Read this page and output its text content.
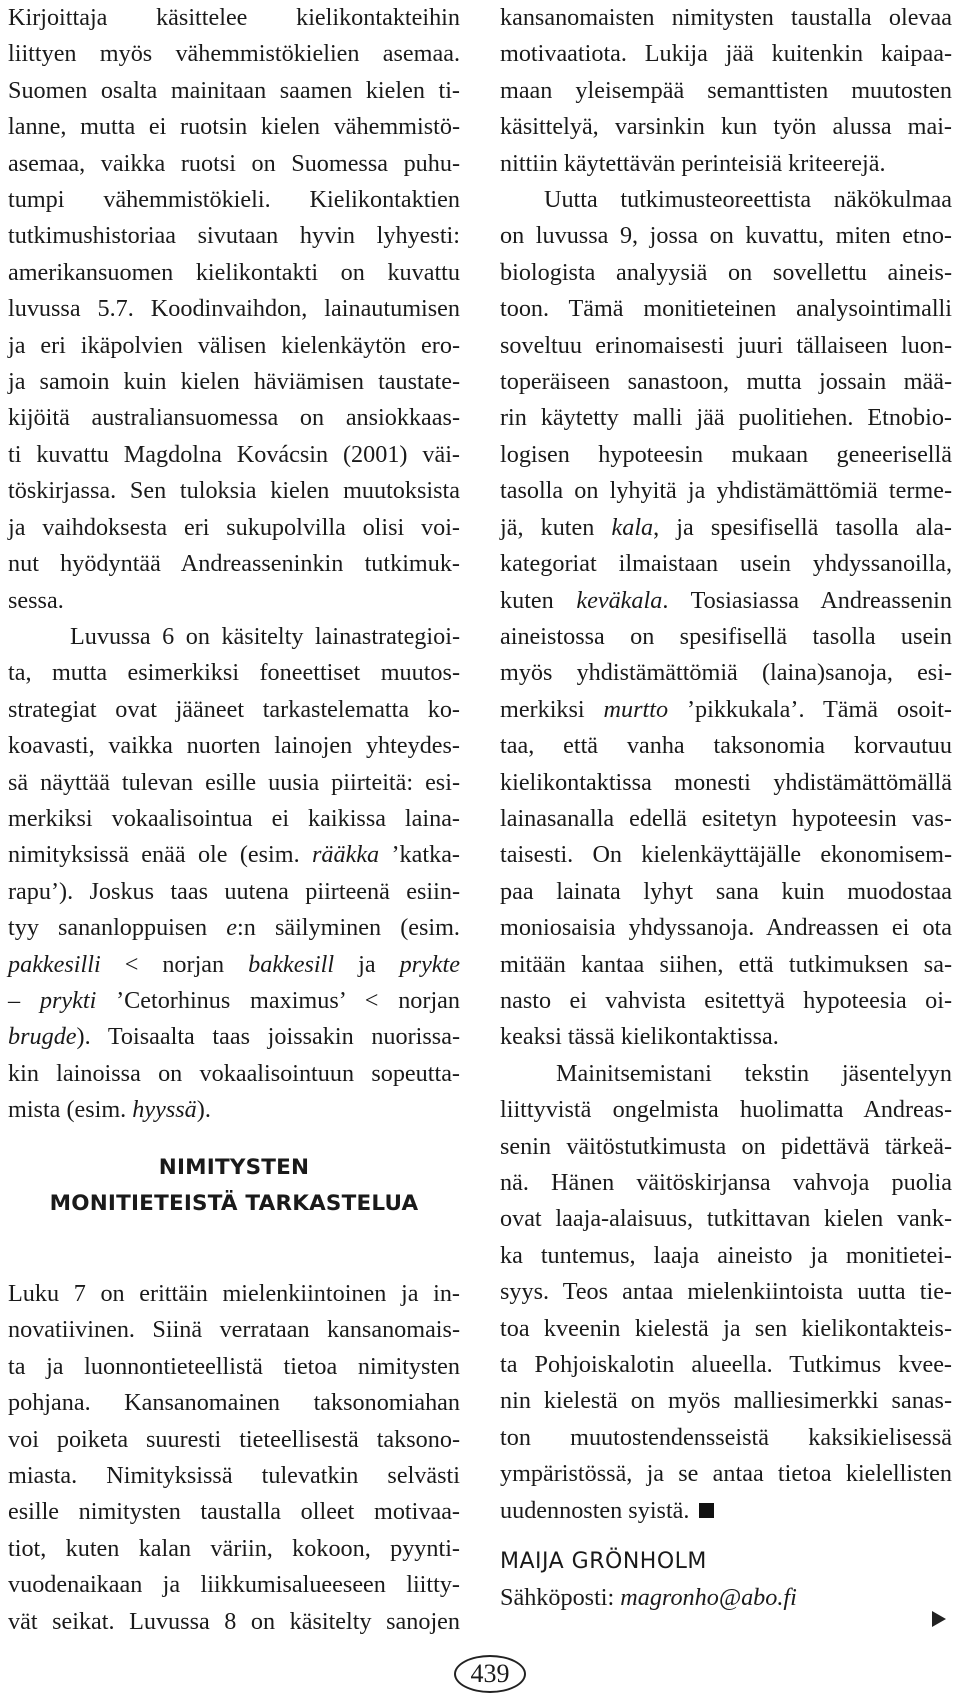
Kirjoittaja käsittelee kielikontakteihin
liittyen myös vähemmistökielien asemaa.
Suomen osalta mainitaan saamen kielen ti-
lanne, mutta ei ruotsin kielen vähemmistö-
asemaa, vaikka ruotsi on Suomessa puhu-
tumpi vähemmistökieli. Kielikontaktien
tutkimushistoriaa sivutaan hyvin lyhyesti:
amerikansuomen kielikontakti on kuvattu
luvussa 5.7. Koodinvaihdon, lainautumisen
ja eri ikäpolvien välisen kielenkäytön ero-
ja samoin kuin kielen häviämisen taustate-
kijöitä australiansuomessa on ansiokkaas-
ti kuvattu Magdolna Kovácsin (2001) väi-
töskirjassa. Sen tuloksia kielen muutoksista
ja vaihdoksesta eri sukupolvilla olisi voi-
nut hyödyntää Andreasseninkin tutkimuk-
sessa.

Luvussa 6 on käsitelty lainastrategioi-
ta, mutta esimerkiksi foneettiset muutos-
strategiat ovat jääneet tarkastelematta ko-
koavasti, vaikka nuorten lainojen yhteydes-
sä näyttää tulevan esille uusia piirteitä: esi-
merkiksi vokaalisointua ei kaikissa laina-
nimityksissä enää ole (esim. rääkka ’katka-
rapu’). Joskus taas uutena piirteenä esiin-
tyy sananloppuisen e:n säilyminen (esim.
pakkesilli < norjan bakkesill ja prykte
– prykti ’Cetorhinus maximus’ < norjan
brugde). Toisaalta taas joissakin nuorissa-
kin lainoissa on vokaalisointuun sopeutta-
mista (esim. hyyssä).

NIMITYSTEN
MONITIETEISTÄ TARKASTELUA

Luku 7 on erittäin mielenkiintoinen ja in-
novatiivinen. Siinä verrataan kansanomais-
ta ja luonnontieteellistä tietoa nimitysten
pohjana. Kansanomainen taksonomiahan
voi poiketa suuresti tieteellisestä taksono-
miasta. Nimityksissä tulevatkin selvästi
esille nimitysten taustalla olleet motivaa-
tiot, kuten kalan väriin, kokoon, pyynti-
vuodenaikaan ja liikkumisalueeseen liitty-
vät seikat. Luvussa 8 on käsitelty sanojen

kansanomaisten nimitysten taustalla olevaa
motivaatiota. Lukija jää kuitenkin kaipaa-
maan yleisempää semanttisten muutosten
käsittelyä, varsinkin kun työn alussa mai-
nittiin käytettävän perinteisiä kriteerejä.

Uutta tutkimusteoreettista näkökulmaa
on luvussa 9, jossa on kuvattu, miten etno-
biologista analyysiä on sovellettu aineis-
toon. Tämä monitieteinen analysointimalli
soveltuu erinomaisesti juuri tällaiseen luon-
toperäiseen sanastoon, mutta jossain mää-
rin käytetty malli jää puolitiehen. Etnobio-
logisen hypoteesin mukaan geneerisellä
tasolla on lyhyitä ja yhdistämättömiä terme-
jä, kuten kala, ja spesifisellä tasolla ala-
kategoriat ilmaistaan usein yhdyssanoilla,
kuten keväkala. Tosiasiassa Andreassenin
aineistossa on spesifisellä tasolla usein
myös yhdistämättömiä (laina)sanoja, esi-
merkiksi murtto ’pikkukala’. Tämä osoit-
taa, että vanha taksonomia korvautuu
kielikontaktissa monesti yhdistämättömällä
lainasanalla edellä esitetyn hypoteesin vas-
taisesti. On kielenkäyttäjälle ekonomisem-
paa lainata lyhyt sana kuin muodostaa
moniosaisia yhdyssanoja. Andreassen ei ota
mitään kantaa siihen, että tutkimuksen sa-
nasto ei vahvista esitettyä hypoteesia oi-
keaksi tässä kielikontaktissa.

Mainitsemistani tekstin jäsentelyyn
liittyvistä ongelmista huolimatta Andreas-
senin väitöstutkimusta on pidettävä tärkeä-
nä. Hänen väitöskirjansa vahvoja puolia
ovat laaja-alaisuus, tutkittavan kielen vank-
ka tuntemus, laaja aineisto ja monitietei-
syys. Teos antaa mielenkiintoista uutta tie-
toa kveenin kielestä ja sen kielikontakteis-
ta Pohjoiskalotin alueella. Tutkimus kvee-
nin kielestä on myös malliesimerkki sanas-
ton muutostendensseistä kaksikielisessä
ympäristössä, ja se antaa tietoa kielellisten
uudennosten syistä.

MAIJA GRÖNHOLM
Sähköposti: magronho@abo.fi
439
